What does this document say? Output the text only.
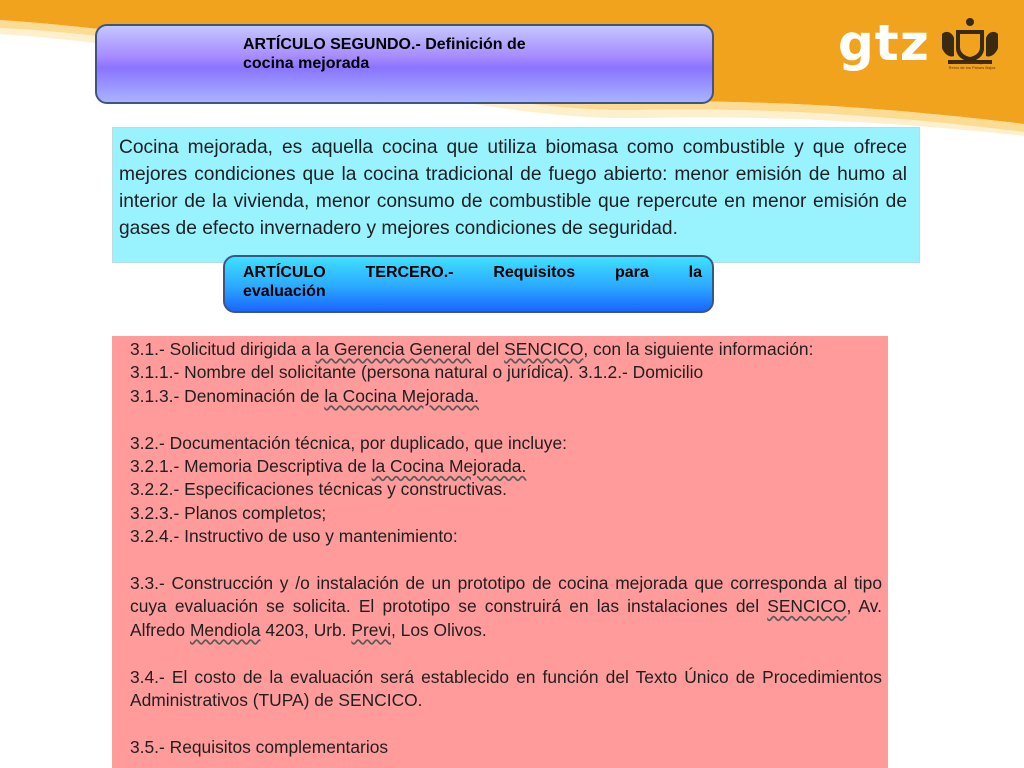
gtz	Confederación por el
Reino de los Países Bajos
ARTÍCULO SEGUNDO.- Definición de
cocina mejorada
Cocina mejorada, es aquella cocina que utiliza biomasa como combustible y que ofrece mejores condiciones que la cocina tradicional de fuego abierto: menor emisión de humo al interior de la vivienda, menor consumo de combustible que repercute en menor emisión de gases de efecto invernadero y mejores condiciones de seguridad.
ARTÍCULO TERCERO.- Requisitos para la
evaluación

3.1.- Solicitud dirigida a la Gerencia General del SENCICO, con la siguiente información:

3.1.1.- Nombre del solicitante (persona natural o jurídica). 3.1.2.- Domicilio

3.1.3.- Denominación de la Cocina Mejorada.

3.2.- Documentación técnica, por duplicado, que incluye:

3.2.1.- Memoria Descriptiva de la Cocina Mejorada.

3.2.2.- Especificaciones técnicas y constructivas.

3.2.3.- Planos completos;

3.2.4.- Instructivo de uso y mantenimiento:

3.3.- Construcción y /o instalación de un prototipo de cocina mejorada que corresponda al tipo cuya evaluación se solicita. El prototipo se construirá en las instalaciones del SENCICO, Av. Alfredo Mendiola 4203, Urb. Previ, Los Olivos.

3.4.- El costo de la evaluación será establecido en función del Texto Único de Procedimientos Administrativos (TUPA) de SENCICO.

3.5.- Requisitos complementarios
